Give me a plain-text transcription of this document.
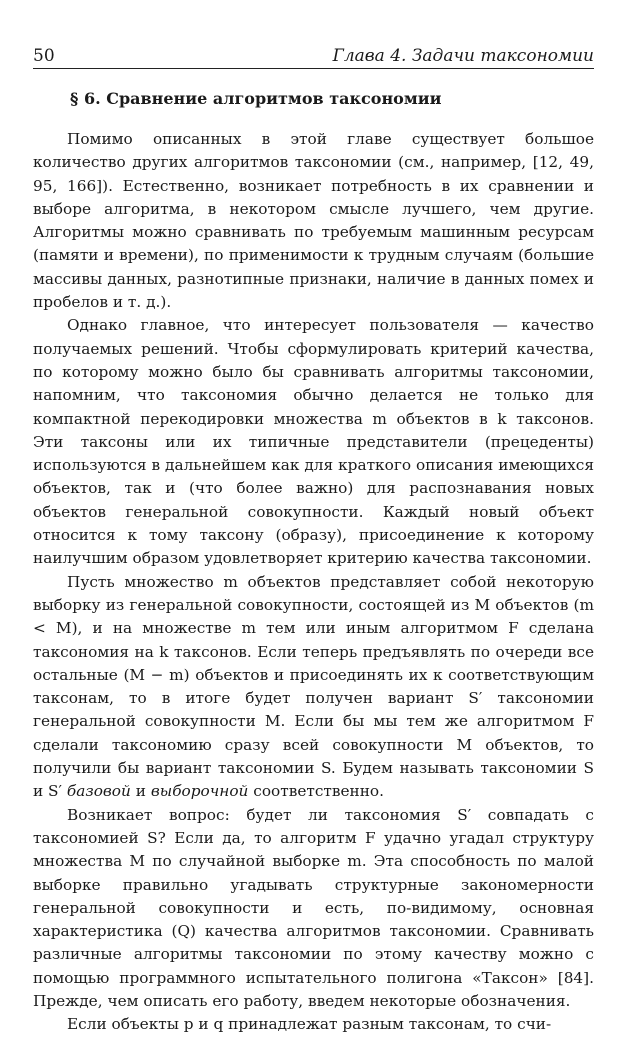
50	Глава 4. Задачи таксономии
§ 6. Сравнение алгоритмов таксономии

Помимо описанных в этой главе существует большое количество других алгоритмов таксономии (см., например, [12, 49, 95, 166]). Естественно, возникает потребность в их сравнении и выборе алгоритма, в некотором смысле лучшего, чем другие. Алгоритмы можно сравнивать по требуемым машинным ресурсам (памяти и времени), по применимости к трудным случаям (большие массивы данных, разнотипные признаки, наличие в данных помех и пробелов и т. д.).

Однако главное, что интересует пользователя — качество получаемых решений. Чтобы сформулировать критерий качества, по которому можно было бы сравнивать алгоритмы таксономии, напомним, что таксономия обычно делается не только для компактной перекодировки множества m объектов в k таксонов. Эти таксоны или их типичные представители (прецеденты) используются в дальнейшем как для краткого описания имеющихся объектов, так и (что более важно) для распознавания новых объектов генеральной совокупности. Каждый новый объект относится к тому таксону (образу), присоединение к которому наилучшим образом удовлетворяет критерию качества таксономии.

Пусть множество m объектов представляет собой некоторую выборку из генеральной совокупности, состоящей из M объектов (m < M), и на множестве m тем или иным алгоритмом F сделана таксономия на k таксонов. Если теперь предъявлять по очереди все остальные (M − m) объектов и присоединять их к соответствующим таксонам, то в итоге будет получен вариант S′ таксономии генеральной совокупности M. Если бы мы тем же алгоритмом F сделали таксономию сразу всей совокупности M объектов, то получили бы вариант таксономии S. Будем называть таксономии S и S′ базовой и выборочной соответственно.

Возникает вопрос: будет ли таксономия S′ совпадать с таксономией S? Если да, то алгоритм F удачно угадал структуру множества M по случайной выборке m. Эта способность по малой выборке правильно угадывать структурные закономерности генеральной совокупности и есть, по-видимому, основная характеристика (Q) качества алгоритмов таксономии. Сравнивать различные алгоритмы таксономии по этому качеству можно с помощью программного испытательного полигона «Таксон» [84]. Прежде, чем описать его работу, введем некоторые обозначения.

Если объекты p и q принадлежат разным таксонам, то счи-
